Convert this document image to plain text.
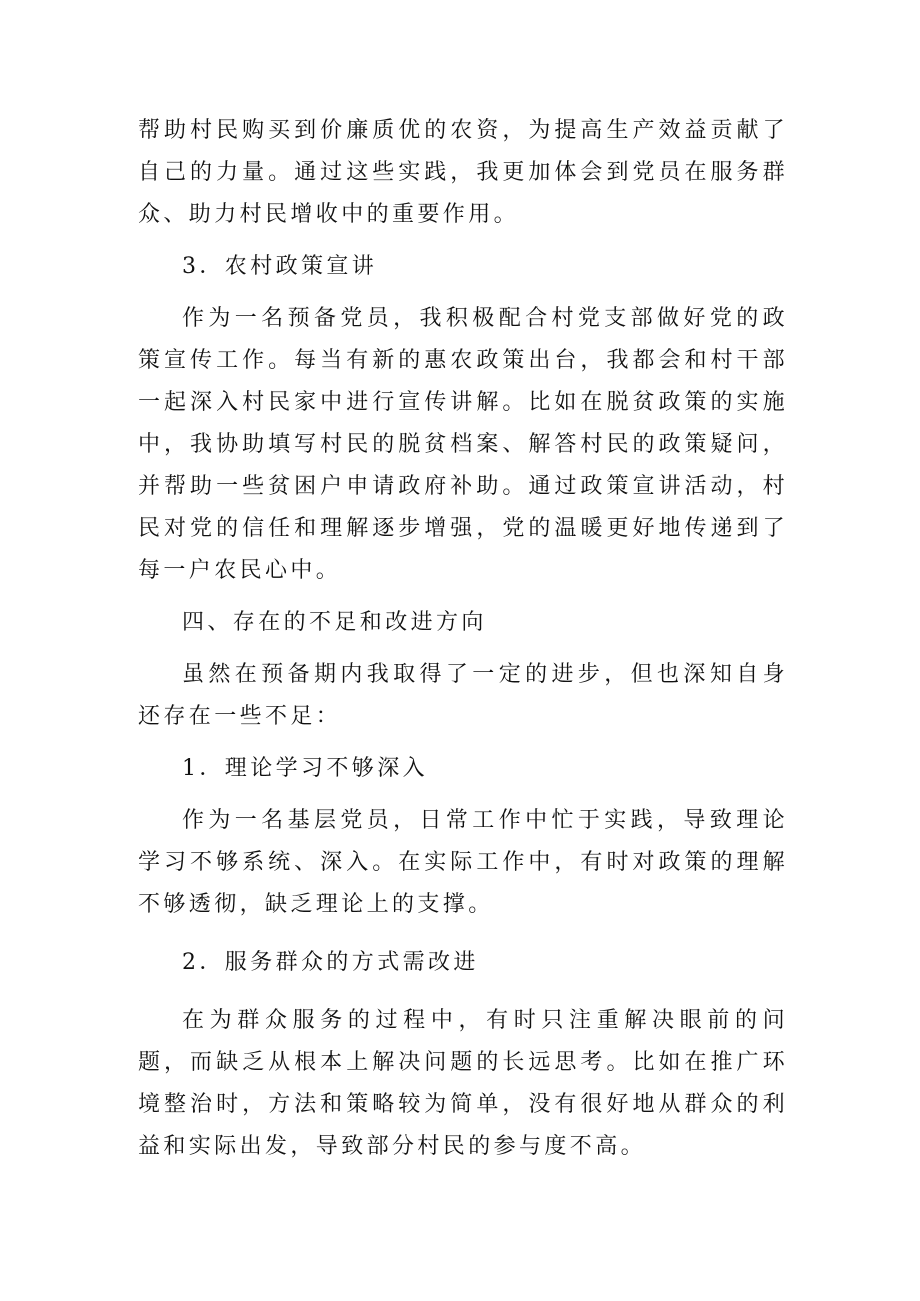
帮助村民购买到价廉质优的农资，为提高生产效益贡献了自己的力量。通过这些实践，我更加体会到党员在服务群众、助力村民增收中的重要作用。

3．农村政策宣讲

作为一名预备党员，我积极配合村党支部做好党的政策宣传工作。每当有新的惠农政策出台，我都会和村干部一起深入村民家中进行宣传讲解。比如在脱贫政策的实施中，我协助填写村民的脱贫档案、解答村民的政策疑问，并帮助一些贫困户申请政府补助。通过政策宣讲活动，村民对党的信任和理解逐步增强，党的温暖更好地传递到了每一户农民心中。

四、存在的不足和改进方向

虽然在预备期内我取得了一定的进步，但也深知自身还存在一些不足：

1．理论学习不够深入

作为一名基层党员，日常工作中忙于实践，导致理论学习不够系统、深入。在实际工作中，有时对政策的理解不够透彻，缺乏理论上的支撑。

2．服务群众的方式需改进

在为群众服务的过程中，有时只注重解决眼前的问题，而缺乏从根本上解决问题的长远思考。比如在推广环境整治时，方法和策略较为简单，没有很好地从群众的利益和实际出发，导致部分村民的参与度不高。
